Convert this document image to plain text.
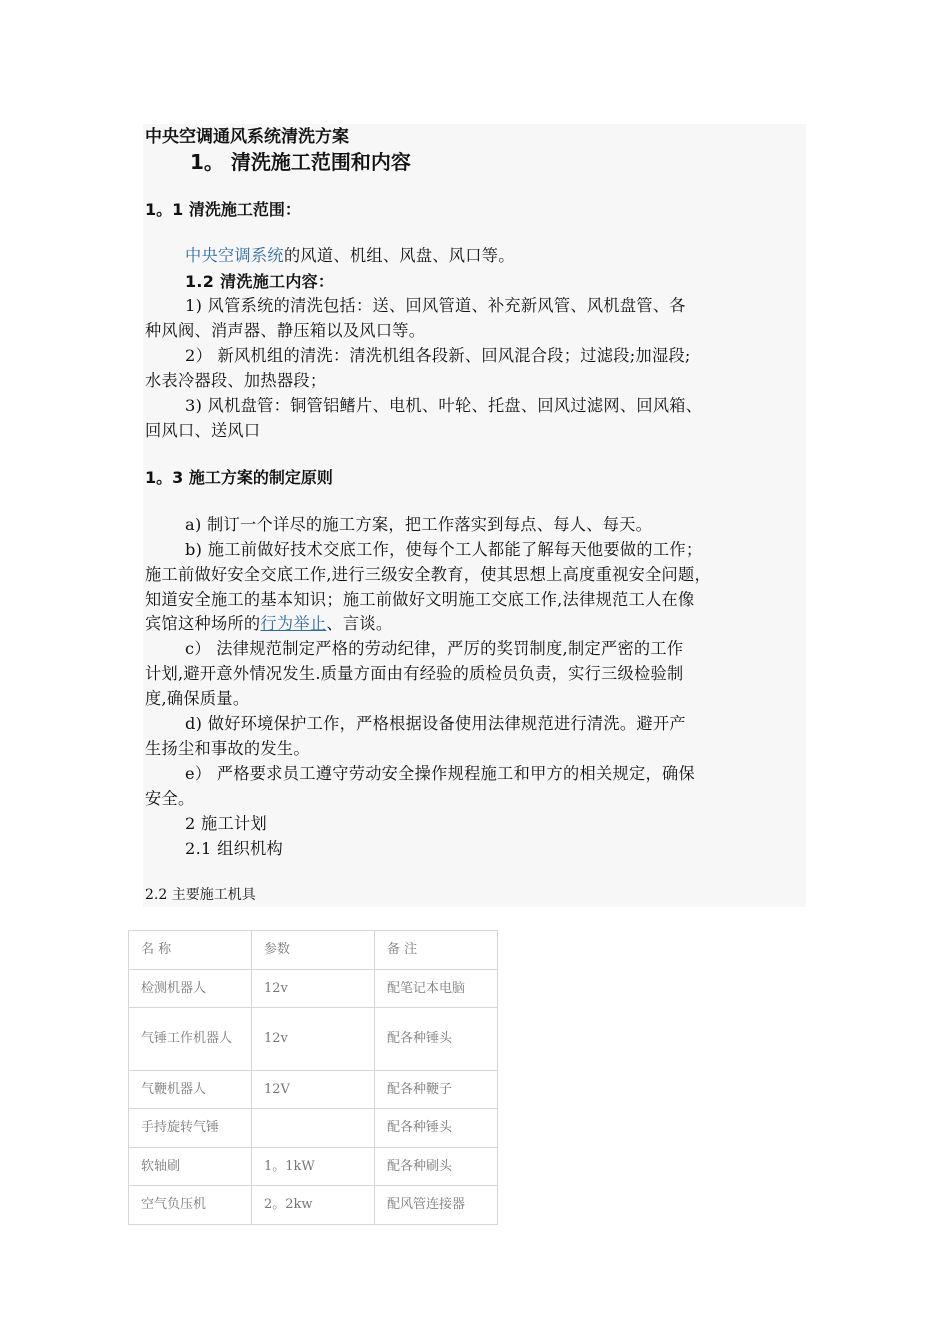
中央空调通风系统清洗方案
1。 清洗施工范围和内容
1。1 清洗施工范围：
中央空调系统的风道、机组、风盘、风口等。
1.2 清洗施工内容：
1) 风管系统的清洗包括：送、回风管道、补充新风管、风机盘管、各
种风阀、消声器、静压箱以及风口等。
2） 新风机组的清洗：清洗机组各段新、回风混合段；过滤段;加湿段;
水表冷器段、加热器段；
3) 风机盘管：铜管铝鳍片、电机、叶轮、托盘、回风过滤网、回风箱、
回风口、送风口
1。3 施工方案的制定原则
a) 制订一个详尽的施工方案，把工作落实到每点、每人、每天。
b) 施工前做好技术交底工作，使每个工人都能了解每天他要做的工作；
施工前做好安全交底工作,进行三级安全教育，使其思想上高度重视安全问题，
知道安全施工的基本知识；施工前做好文明施工交底工作,法律规范工人在像
宾馆这种场所的行为举止、言谈。
c） 法律规范制定严格的劳动纪律，严厉的奖罚制度,制定严密的工作
计划,避开意外情况发生.质量方面由有经验的质检员负责，实行三级检验制
度,确保质量。
d) 做好环境保护工作，严格根据设备使用法律规范进行清洗。避开产
生扬尘和事故的发生。
e） 严格要求员工遵守劳动安全操作规程施工和甲方的相关规定，确保
安全。
2 施工计划
2.1 组织机构
2.2 主要施工机具
名 称	参数	备 注
检测机器人	12v	配笔记本电脑
气锤工作机器人	12v	配各种锤头
气鞭机器人	12V	配各种鞭子
手持旋转气锤		配各种锤头
软轴刷	1。1kW	配各种刷头
空气负压机	2。2kw	配风管连接器
